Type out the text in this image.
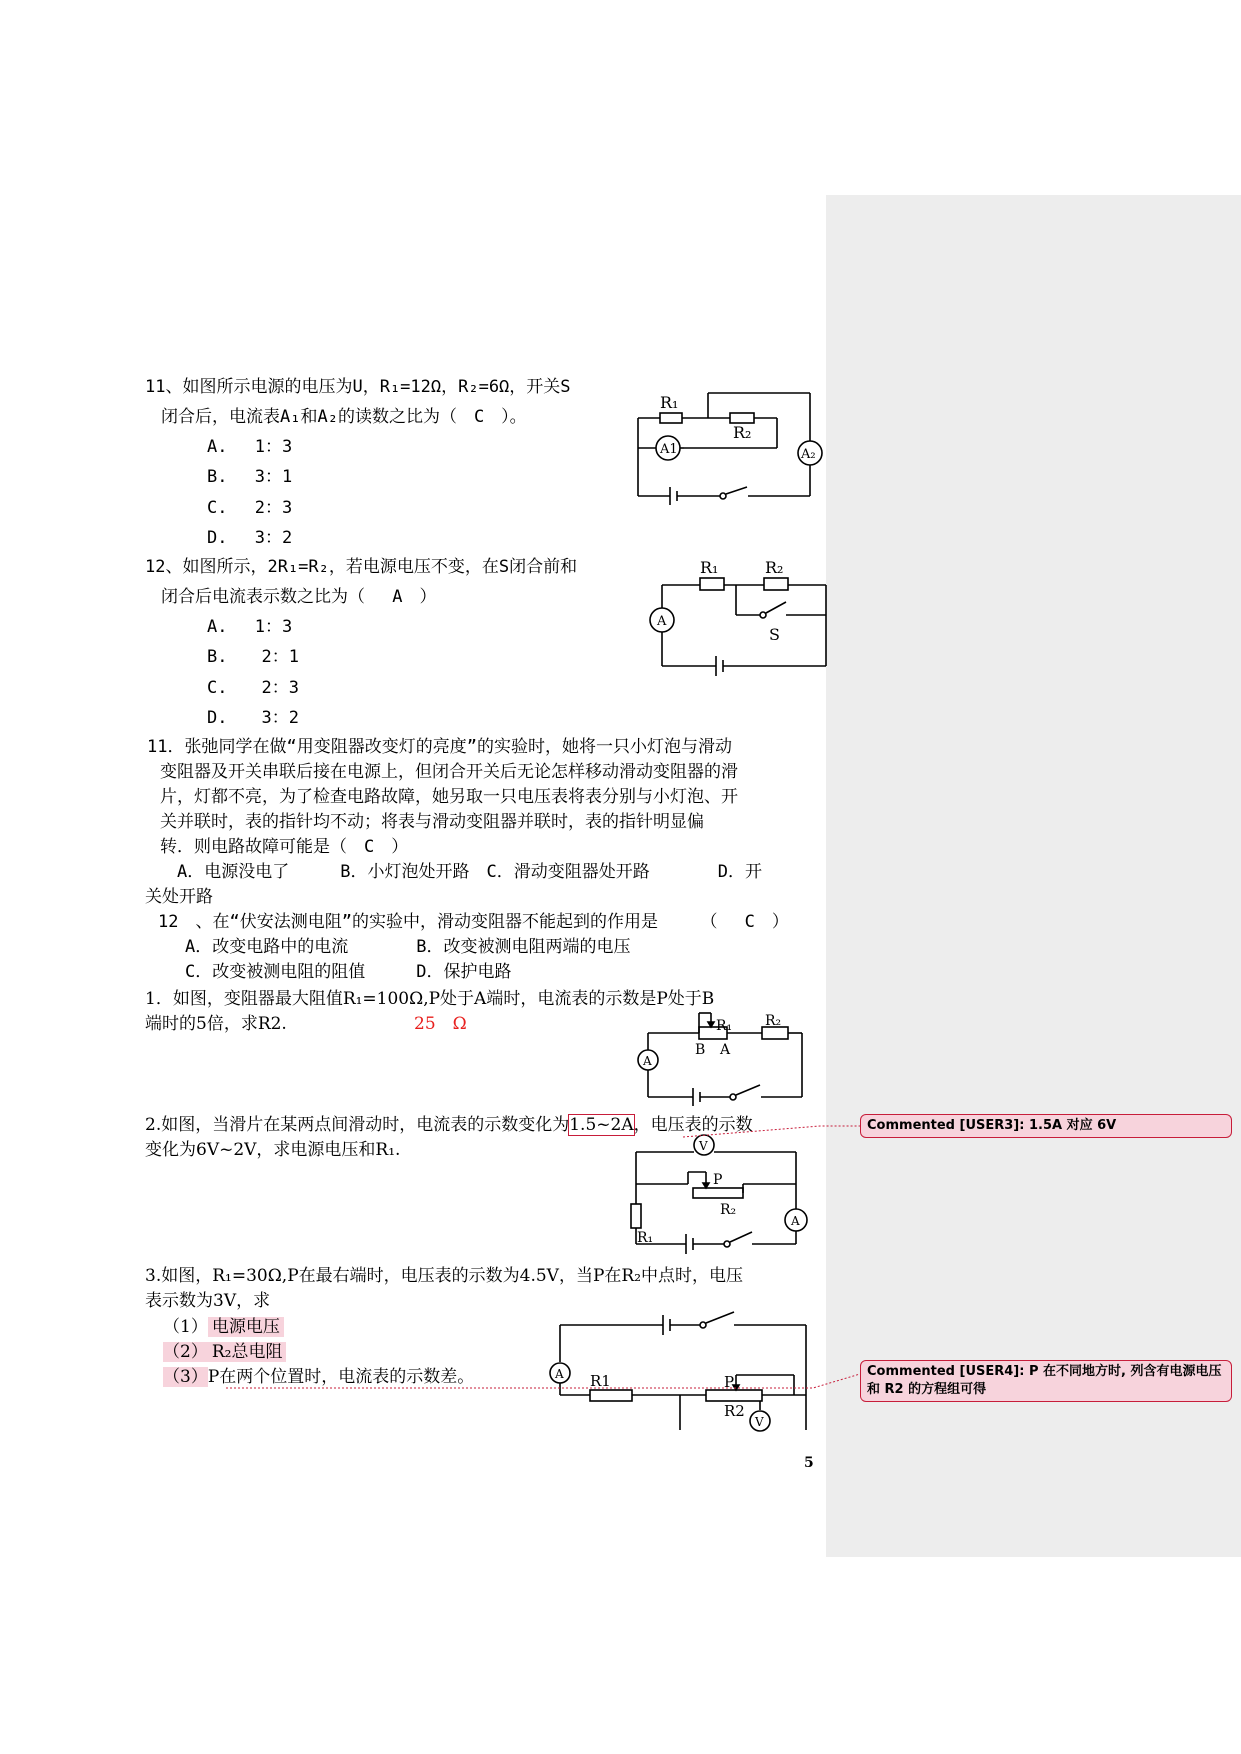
11、如图所示电源的电压为U，R₁=12Ω，R₂=6Ω，开关S
闭合后，电流表A₁和A₂的读数之比为（　C　）。
A.　 1：3
B.　 3：1
C.　 2：3
D.　 3：2
R₁
R₂
A1	A₂
12、如图所示，2R₁=R₂，若电源电压不变，在S闭合前和
闭合后电流表示数之比为（　 A　）
A.　 1：3
B.　　2：1
C.　　2：3
D.　　3：2
R₁	R₂
A
S
11．张弛同学在做“用变阻器改变灯的亮度”的实验时，她将一只小灯泡与滑动
变阻器及开关串联后接在电源上，但闭合开关后无论怎样移动滑动变阻器的滑
片，灯都不亮，为了检查电路故障，她另取一只电压表将表分别与小灯泡、开
关并联时，表的指针均不动；将表与滑动变阻器并联时，表的指针明显偏
转．则电路故障可能是（　C　）
　A．电源没电了　　　B．小灯泡处开路　C．滑动变阻器处开路　　　　D．开
关处开路
12　、在“伏安法测电阻”的实验中，滑动变阻器不能起到的作用是　　　（　 C　）
　A．改变电路中的电流　　　　B．改变被测电阻两端的电压
　C．改变被测电阻的阻值　　　D．保护电路
1．如图，变阻器最大阻值R₁=100Ω,P处于A端时，电流表的示数是P处于B
端时的5倍，求R2.	25　Ω	R₁ R₂
B A
A
2.如图，当滑片在某两点间滑动时，电流表的示数变化为1.5~2A，电压表的示数
变化为6V~2V，求电源电压和R₁.	V
P
R₂
R₁
A
3.如图，R₁=30Ω,P在最右端时，电压表的示数为4.5V，当P在R₂中点时，电压
表示数为3V，求
（1） 电源电压
（2） R₂总电阻
（3）P在两个位置时，电流表的示数差。	R1	P
R2
A
V
Commented [USER3]: 1.5A 对应 6V
Commented [USER4]: P 在不同地方时, 列含有电源电压
和 R2 的方程组可得
5
